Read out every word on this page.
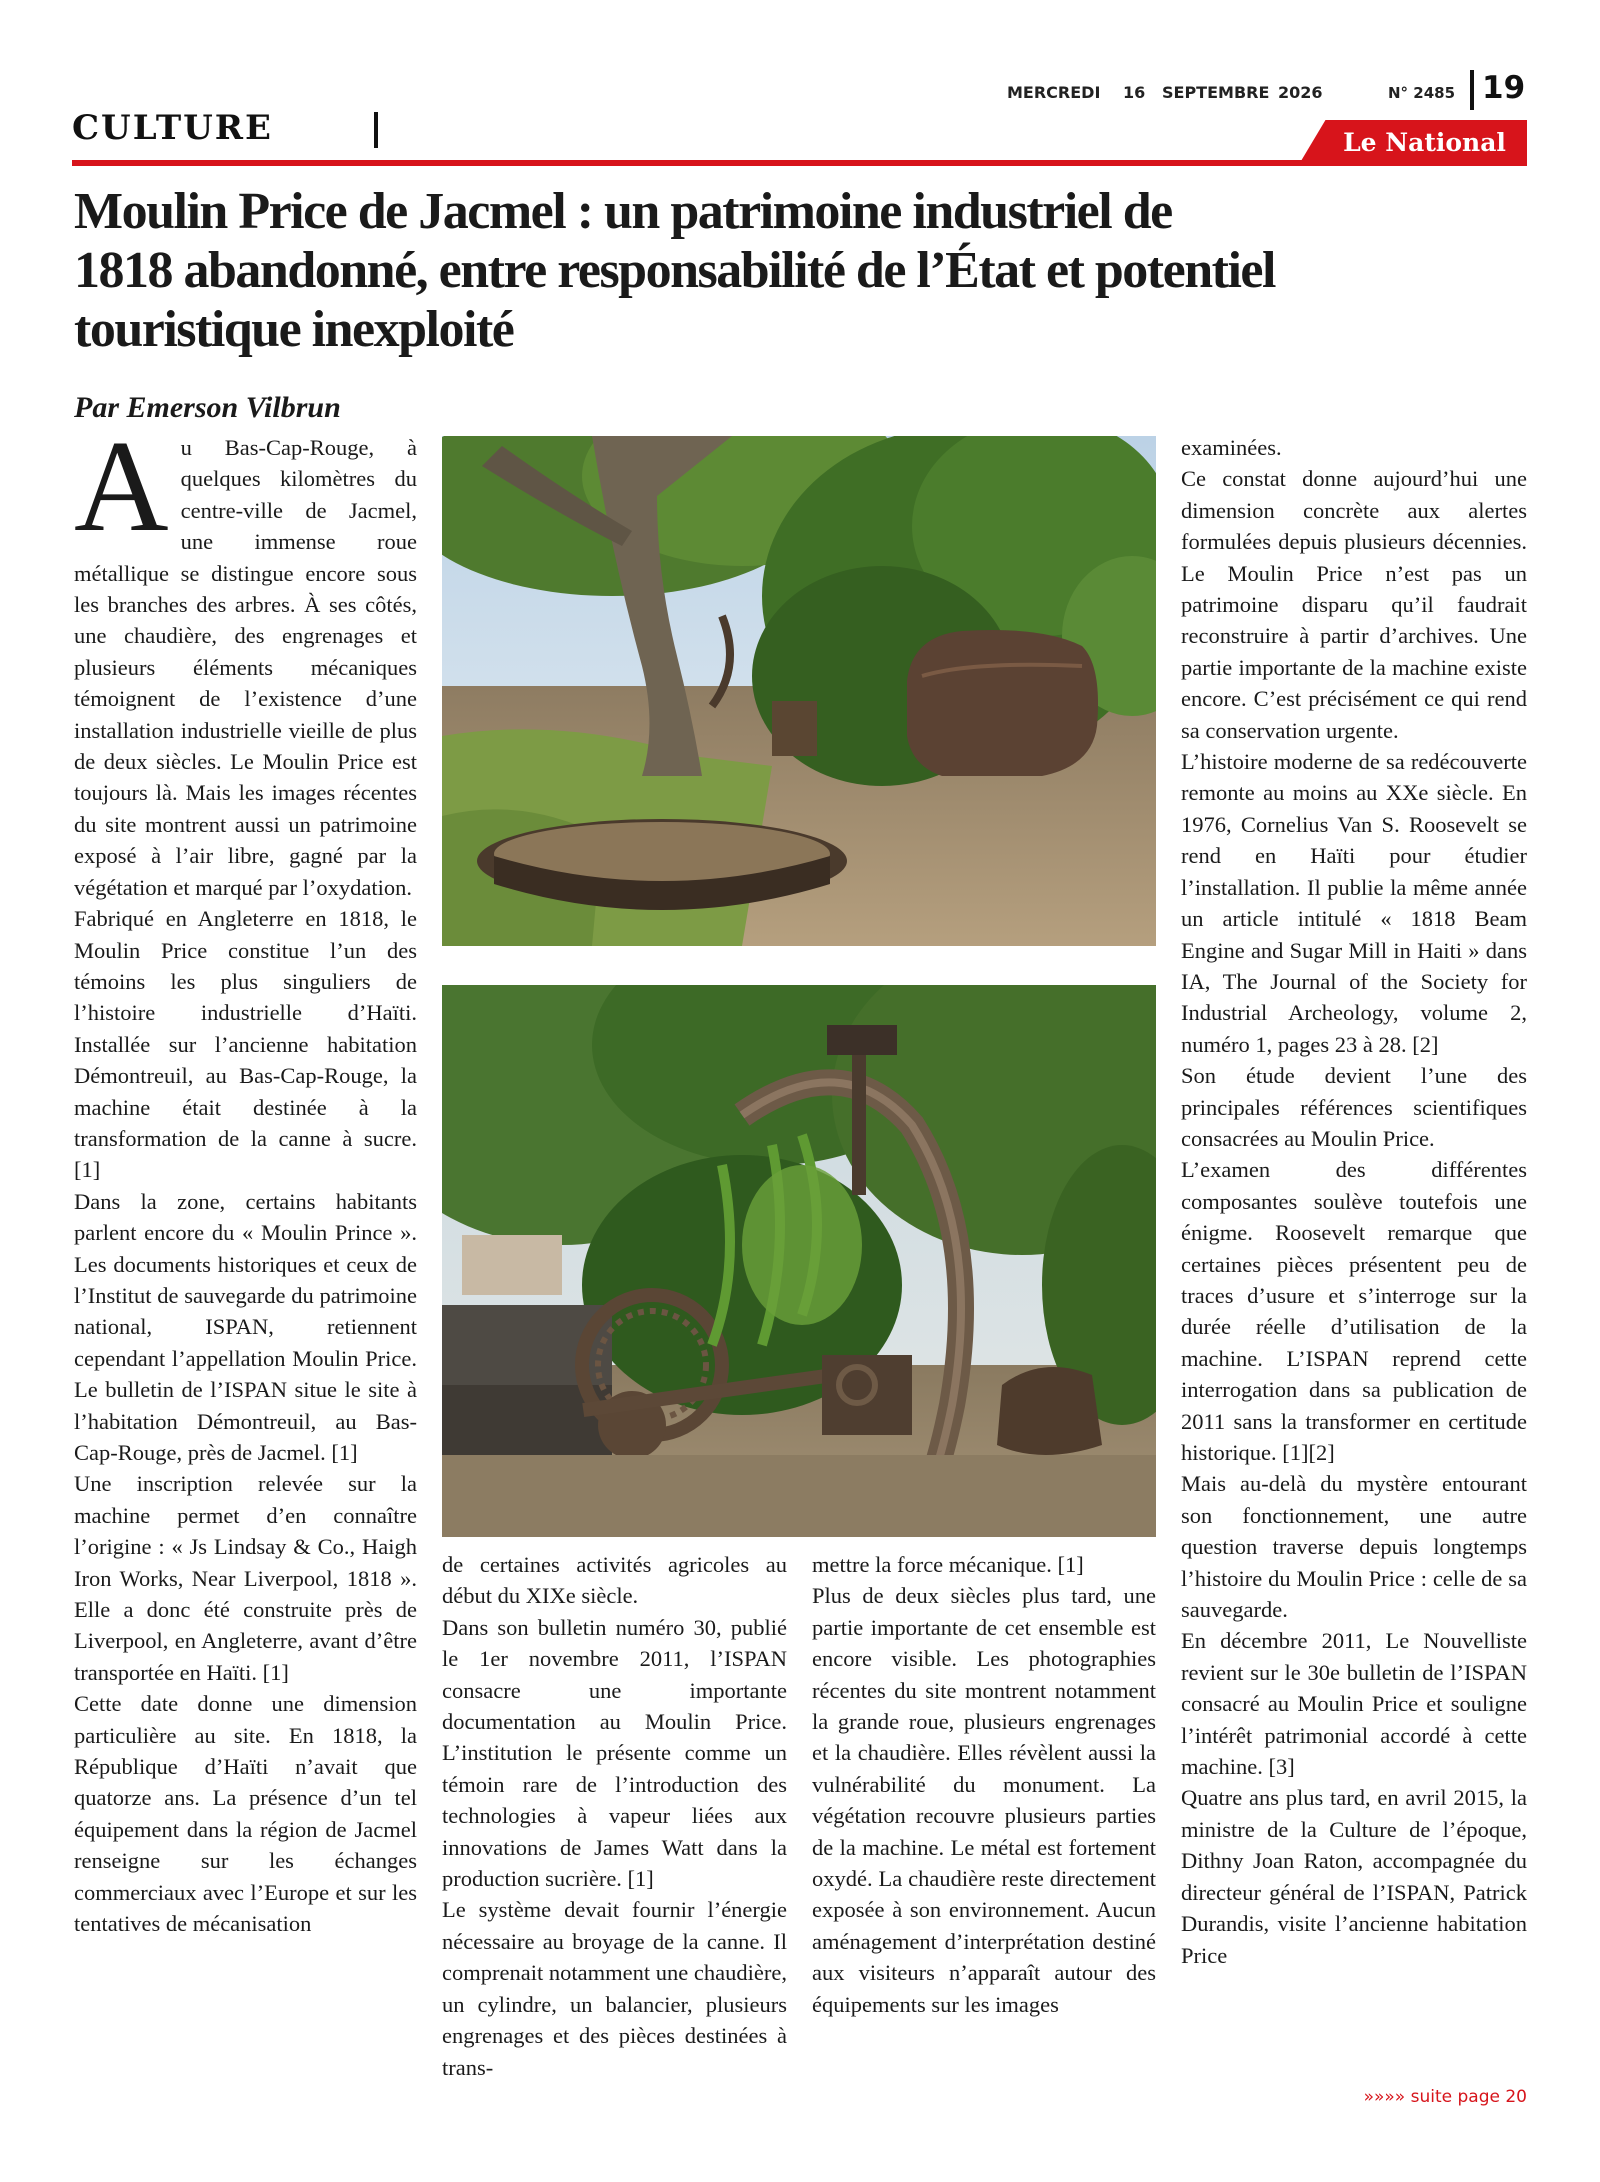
CULTURE
MERCREDI 16 SEPTEMBRE 2026	N° 2485 19
Le National
Moulin Price de Jacmel : un patrimoine industriel de
1818 abandonné, entre responsabilité de l’État et potentiel
touristique inexploité
Par Emerson Vilbrun

Au Bas-Cap-Rouge, à quelques kilomètres du centre-ville de Jacmel, une immense roue métallique se distingue encore sous les branches des arbres. À ses côtés, une chaudière, des engrenages et plusieurs éléments mécaniques témoignent de l’existence d’une installation industrielle vieille de plus de deux siècles. Le Moulin Price est toujours là. Mais les images récentes du site montrent aussi un patrimoine exposé à l’air libre, gagné par la végétation et marqué par l’oxydation.

Fabriqué en Angleterre en 1818, le Moulin Price constitue l’un des témoins les plus singuliers de l’histoire industrielle d’Haïti. Installée sur l’ancienne habitation Démontreuil, au Bas-Cap-Rouge, la machine était destinée à la transformation de la canne à sucre. [1]

Dans la zone, certains habitants parlent encore du « Moulin Prince ». Les documents historiques et ceux de l’Institut de sauvegarde du patrimoine national, ISPAN, retiennent cependant l’appellation Moulin Price. Le bulletin de l’ISPAN situe le site à l’habitation Démontreuil, au Bas-Cap-Rouge, près de Jacmel. [1]

Une inscription relevée sur la machine permet d’en connaître l’origine : « Js Lindsay & Co., Haigh Iron Works, Near Liverpool, 1818 ». Elle a donc été construite près de Liverpool, en Angleterre, avant d’être transportée en Haïti. [1]

Cette date donne une dimension particulière au site. En 1818, la République d’Haïti n’avait que quatorze ans. La présence d’un tel équipement dans la région de Jacmel renseigne sur les échanges commerciaux avec l’Europe et sur les tentatives de mécanisation

de certaines activités agricoles au début du XIXe siècle.

Dans son bulletin numéro 30, publié le 1er novembre 2011, l’ISPAN consacre une importante documentation au Moulin Price. L’institution le présente comme un témoin rare de l’introduction des technologies à vapeur liées aux innovations de James Watt dans la production sucrière. [1]

Le système devait fournir l’énergie nécessaire au broyage de la canne. Il comprenait notamment une chaudière, un cylindre, un balancier, plusieurs engrenages et des pièces destinées à trans-

mettre la force mécanique. [1]

Plus de deux siècles plus tard, une partie importante de cet ensemble est encore visible. Les photographies récentes du site montrent notamment la grande roue, plusieurs engrenages et la chaudière. Elles révèlent aussi la vulnérabilité du monument. La végétation recouvre plusieurs parties de la machine. Le métal est fortement oxydé. La chaudière reste directement exposée à son environnement. Aucun aménagement d’interprétation destiné aux visiteurs n’apparaît autour des équipements sur les images

examinées.

Ce constat donne aujourd’hui une dimension concrète aux alertes formulées depuis plusieurs décennies. Le Moulin Price n’est pas un patrimoine disparu qu’il faudrait reconstruire à partir d’archives. Une partie importante de la machine existe encore. C’est précisément ce qui rend sa conservation urgente.

L’histoire moderne de sa redécouverte remonte au moins au XXe siècle. En 1976, Cornelius Van S. Roosevelt se rend en Haïti pour étudier l’installation. Il publie la même année un article intitulé « 1818 Beam Engine and Sugar Mill in Haiti » dans IA, The Journal of the Society for Industrial Archeology, volume 2, numéro 1, pages 23 à 28. [2]

Son étude devient l’une des principales références scientifiques consacrées au Moulin Price.

L’examen des différentes composantes soulève toutefois une énigme. Roosevelt remarque que certaines pièces présentent peu de traces d’usure et s’interroge sur la durée réelle d’utilisation de la machine. L’ISPAN reprend cette interrogation dans sa publication de 2011 sans la transformer en certitude historique. [1][2]

Mais au-delà du mystère entourant son fonctionnement, une autre question traverse depuis longtemps l’histoire du Moulin Price : celle de sa sauvegarde.

En décembre 2011, Le Nouvelliste revient sur le 30e bulletin de l’ISPAN consacré au Moulin Price et souligne l’intérêt patrimonial accordé à cette machine. [3]

Quatre ans plus tard, en avril 2015, la ministre de la Culture de l’époque, Dithny Joan Raton, accompagnée du directeur général de l’ISPAN, Patrick Durandis, visite l’ancienne habitation Price

»»»» suite page 20
